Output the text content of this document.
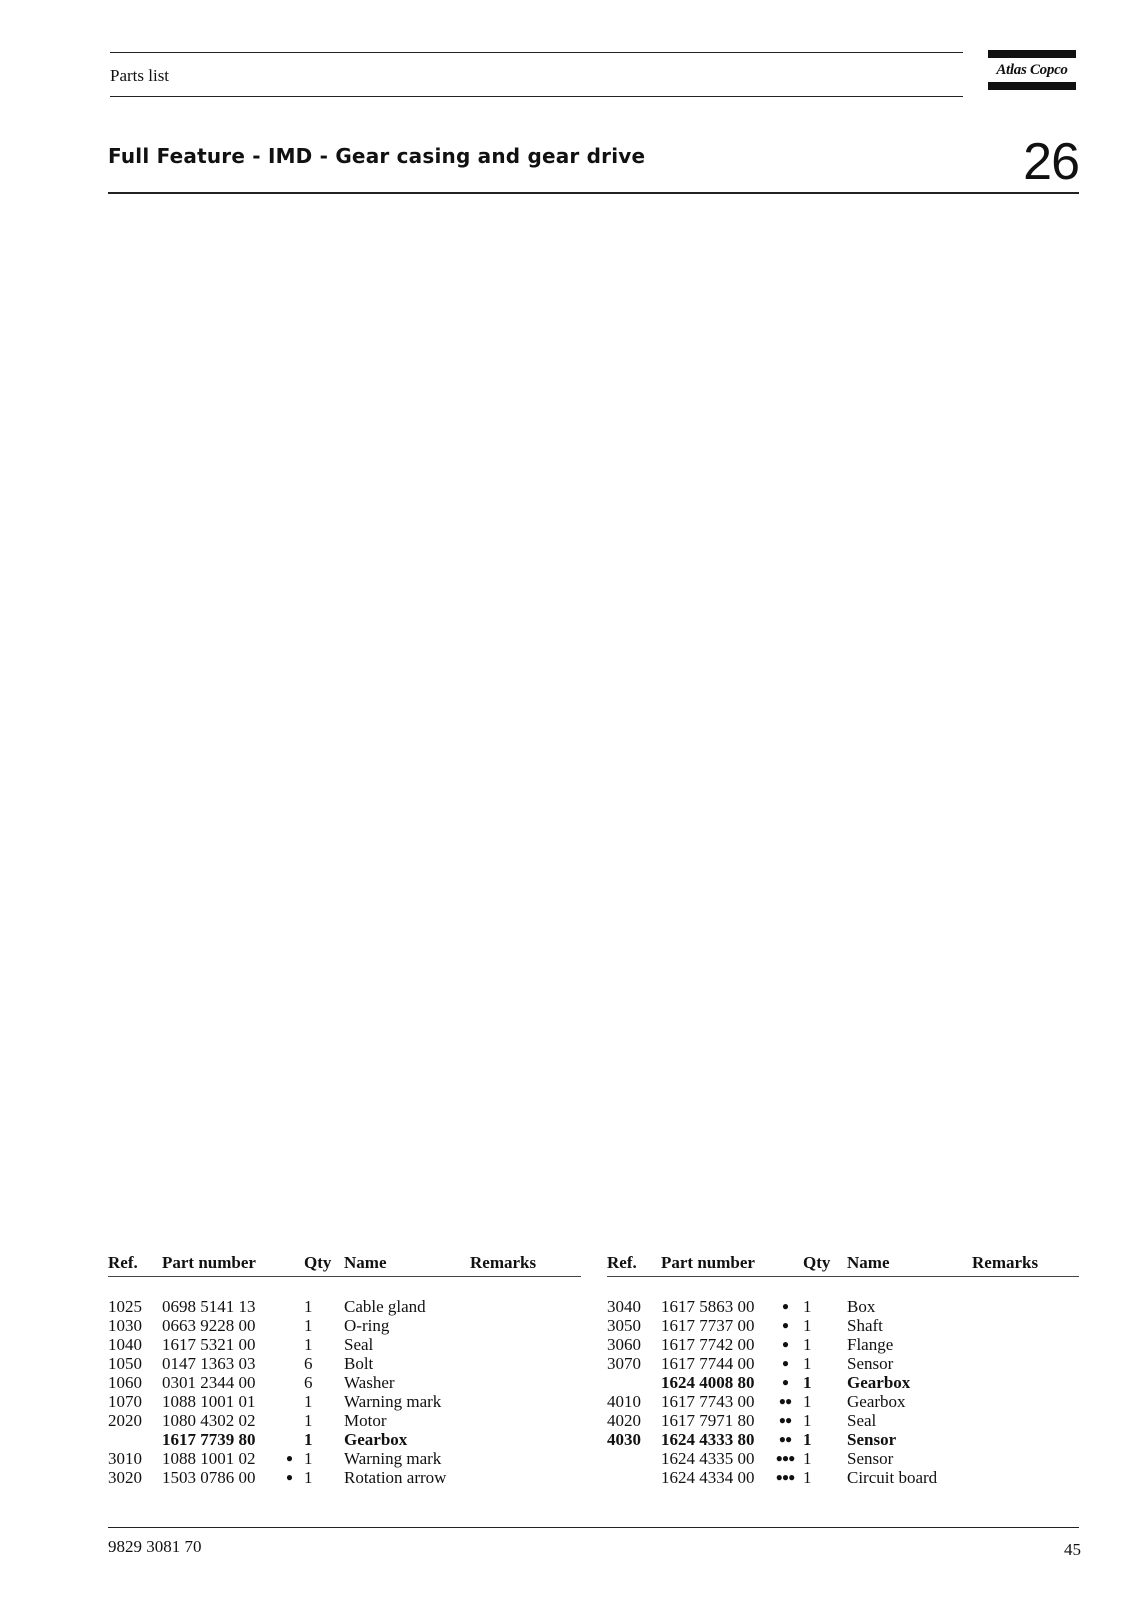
Parts list	Atlas Copco
Full Feature - IMD - Gear casing and gear drive	26
Ref.	Part number		Qty	Name	Remarks

1025	0698 5141 13		1	Cable gland	
1030	0663 9228 00		1	O-ring	
1040	1617 5321 00		1	Seal	
1050	0147 1363 03		6	Bolt	
1060	0301 2344 00		6	Washer	
1070	1088 1001 01		1	Warning mark	
2020	1080 4302 02		1	Motor	
	1617 7739 80		1	Gearbox	
3010	1088 1001 02	●	1	Warning mark	
3020	1503 0786 00	●	1	Rotation arrow	
Ref.	Part number		Qty	Name	Remarks

3040	1617 5863 00	●	1	Box	
3050	1617 7737 00	●	1	Shaft	
3060	1617 7742 00	●	1	Flange	
3070	1617 7744 00	●	1	Sensor	
	1624 4008 80	●	1	Gearbox	
4010	1617 7743 00	●●	1	Gearbox	
4020	1617 7971 80	●●	1	Seal	
4030	1624 4333 80	●●	1	Sensor	
	1624 4335 00	●●●	1	Sensor	
	1624 4334 00	●●●	1	Circuit board	
9829 3081 70	45
